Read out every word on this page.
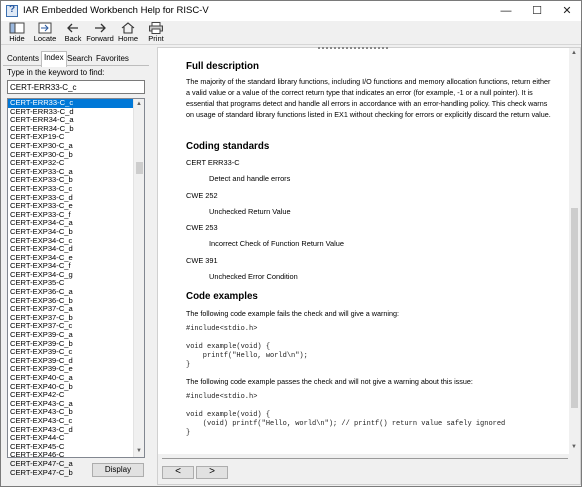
?
IAR Embedded Workbench Help for RISC-V	—	☐	✕
Hide	Locate	Back Forward Home	Print
Contents Index Search Favorites
Type in the keyword to find:
CERT-ERR33-C_c
CERT-ERR33-C_c
CERT-ERR33-C_d
CERT-ERR34-C_a
CERT-ERR34-C_b
CERT-EXP19-C
CERT-EXP30-C_a
CERT-EXP30-C_b
CERT-EXP32-C
CERT-EXP33-C_a
CERT-EXP33-C_b
CERT-EXP33-C_c
CERT-EXP33-C_d
CERT-EXP33-C_e
CERT-EXP33-C_f
CERT-EXP34-C_a
CERT-EXP34-C_b
CERT-EXP34-C_c
CERT-EXP34-C_d
CERT-EXP34-C_e
CERT-EXP34-C_f
CERT-EXP34-C_g
CERT-EXP35-C
CERT-EXP36-C_a
CERT-EXP36-C_b
CERT-EXP37-C_a
CERT-EXP37-C_b
CERT-EXP37-C_c
CERT-EXP39-C_a
CERT-EXP39-C_b
CERT-EXP39-C_c
CERT-EXP39-C_d
CERT-EXP39-C_e
CERT-EXP40-C_a
CERT-EXP40-C_b
CERT-EXP42-C
CERT-EXP43-C_a
CERT-EXP43-C_b
CERT-EXP43-C_c
CERT-EXP43-C_d
CERT-EXP44-C
CERT-EXP45-C
CERT-EXP46-C
CERT-EXP47-C_a
CERT-EXP47-C_b
▲
▼
Display
Full description
The majority of the standard library functions, including I/O functions and memory allocation functions, return either a valid value or a value of the correct return type that indicates an error (for example, -1 or a null pointer). It is essential that programs detect and handle all errors in accordance with an error-handling policy. This check warns on usage of standard library functions listed in EX1 without checking for errors or explicitly discard the return value.
Coding standards
CERT ERR33-C
Detect and handle errors
CWE 252
Unchecked Return Value
CWE 253
Incorrect Check of Function Return Value
CWE 391
Unchecked Error Condition
Code examples
The following code example fails the check and will give a warning:
#include<stdio.h>

void example(void) {
printf("Hello, world\n");
}
The following code example passes the check and will not give a warning about this issue:
#include<stdio.h>

void example(void) {
(void) printf("Hello, world\n"); // printf() return value safely ignored
}
▲
▼
<	>
